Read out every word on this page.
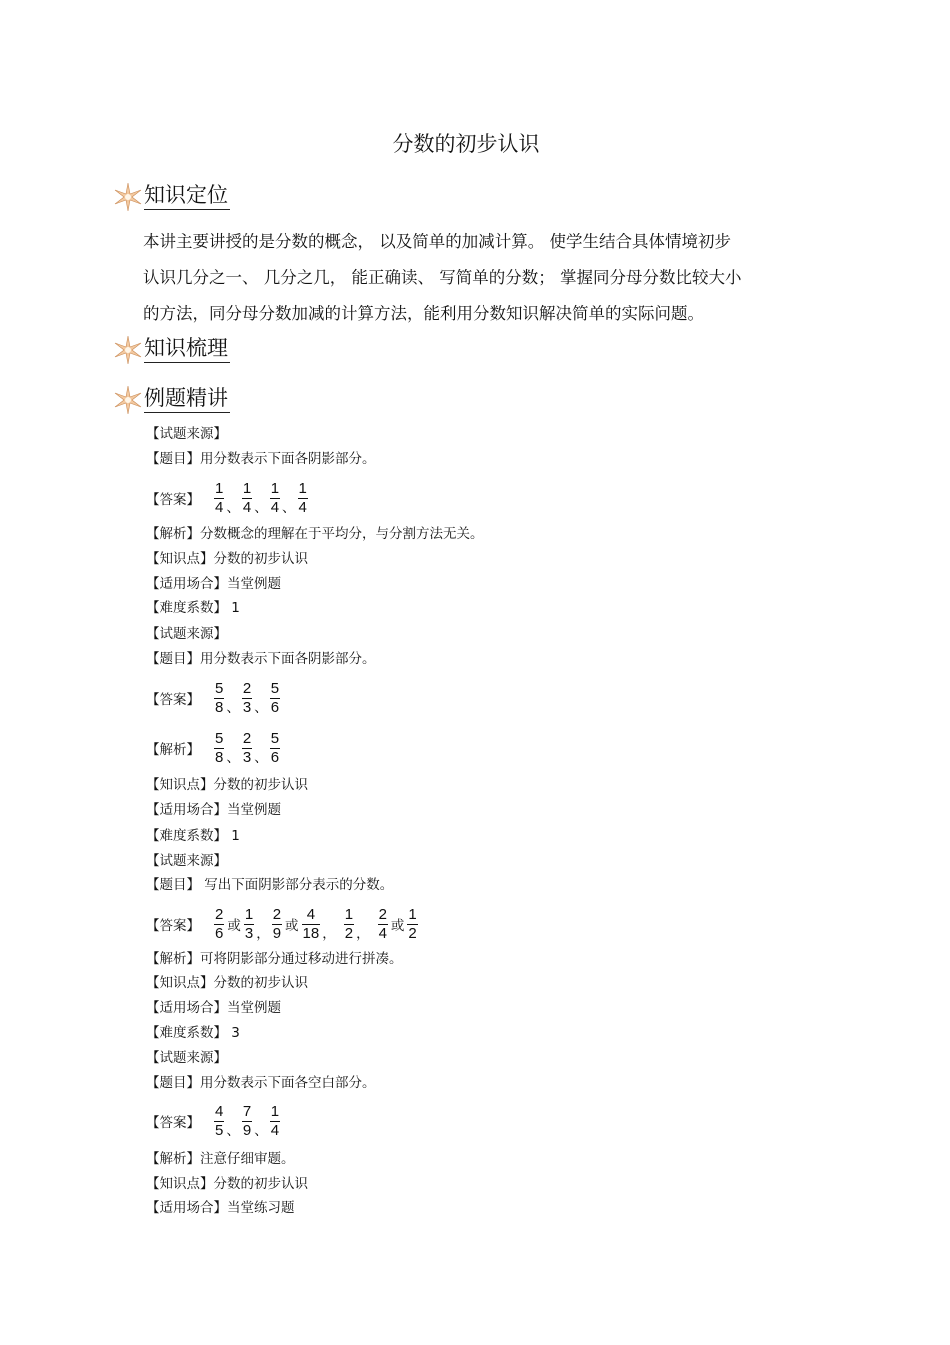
分数的初步认识
知识定位
知识梳理
例题精讲

本讲主要讲授的是分数的概念， 以及简单的加减计算。 使学生结合具体情境初步

认识几分之一、 几分之几， 能正确读、 写简单的分数； 掌握同分母分数比较大小

的方法，同分母分数加减的计算方法，能利用分数知识解决简单的实际问题。

【试题来源】
【题目】用分数表示下面各阴影部分。
【答案】 $\frac{1}{4}$ 、 $\frac{1}{4}$ 、 $\frac{1}{4}$ 、 $\frac{1}{4}$
【解析】分数概念的理解在于平均分，与分割方法无关。
【知识点】分数的初步认识
【适用场合】当堂例题
【难度系数】 1
【试题来源】
【题目】用分数表示下面各阴影部分。
【答案】 $\frac{5}{8}$ 、 $\frac{2}{3}$ 、 $\frac{5}{6}$
【解析】 $\frac{5}{8}$ 、 $\frac{2}{3}$ 、 $\frac{5}{6}$
【知识点】分数的初步认识
【适用场合】当堂例题
【难度系数】 1
【试题来源】
【题目】 写出下面阴影部分表示的分数。
【答案】 $\frac{2}{6}$ 或 $\frac{1}{3}$ ， $\frac{2}{9}$ 或 $\frac{4}{18}$ ， $\frac{1}{2}$ ， $\frac{2}{4}$ 或 $\frac{1}{2}$
【解析】可将阴影部分通过移动进行拼凑。
【知识点】分数的初步认识
【适用场合】当堂例题
【难度系数】 3
【试题来源】
【题目】用分数表示下面各空白部分。
【答案】 $\frac{4}{5}$ 、 $\frac{7}{9}$ 、 $\frac{1}{4}$
【解析】注意仔细审题。
【知识点】分数的初步认识
【适用场合】当堂练习题
